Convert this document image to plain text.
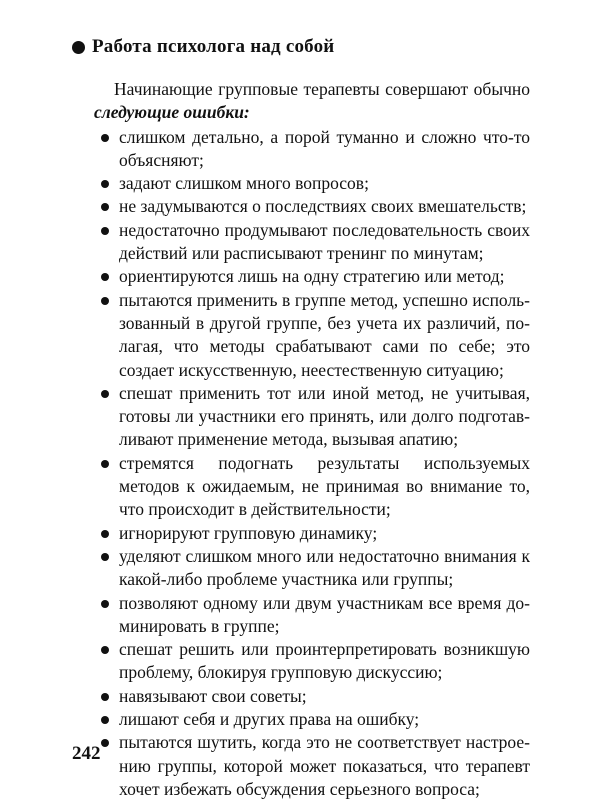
Работа психолога над собой

Начинающие групповые терапевты совершают обычно следующие ошибки:

слишком детально, а порой туманно и сложно что-то объясняют;
задают слишком много вопросов;
не задумываются о последствиях своих вмешательств;
недостаточно продумывают последовательность своих действий или расписывают тренинг по минутам;
ориентируются лишь на одну стратегию или метод;
пытаются применить в группе метод, успешно использованный в другой группе, без учета их различий, полагая, что методы срабатывают сами по себе; это создает искусственную, неестественную ситуацию;
спешат применить тот или иной метод, не учитывая, готовы ли участники его принять, или долго подготавливают применение метода, вызывая апатию;
стремятся подогнать результаты используемых методов к ожидаемым, не принимая во внимание то, что происходит в действительности;
игнорируют групповую динамику;
уделяют слишком много или недостаточно внимания к какой-либо проблеме участника или группы;
позволяют одному или двум участникам все время доминировать в группе;
спешат решить или проинтерпретировать возникшую проблему, блокируя групповую дискуссию;
навязывают свои советы;
лишают себя и других права на ошибку;
пытаются шутить, когда это не соответствует настроению группы, которой может показаться, что терапевт хочет избежать обсуждения серьезного вопроса;
242
